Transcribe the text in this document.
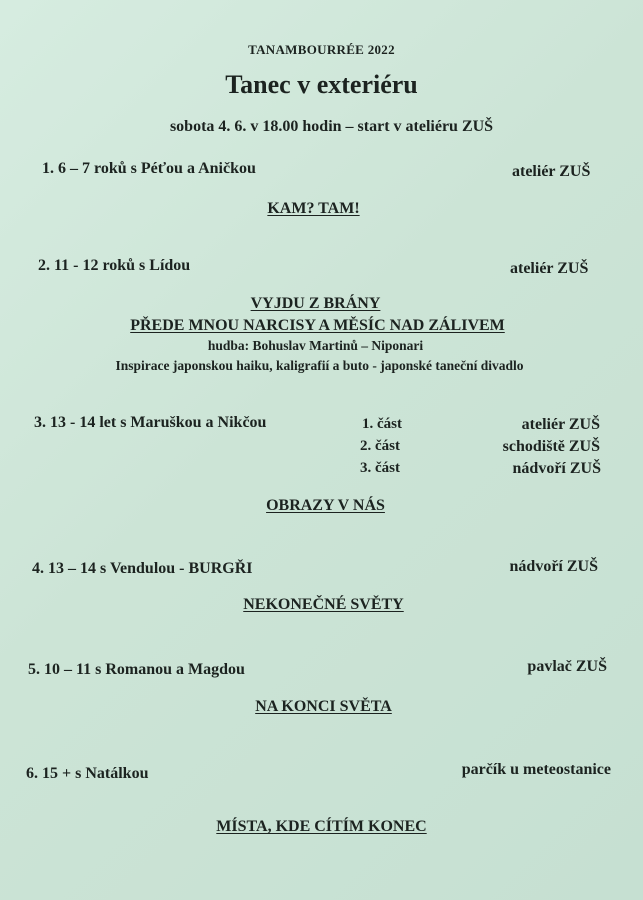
TANAMBOURRÉE 2022
Tanec v exteriéru
sobota 4. 6. v 18.00 hodin – start v ateliéru ZUŠ
1. 6 – 7 roků s Péťou a Aničkou	ateliér ZUŠ
KAM? TAM!
2. 11 - 12 roků s Lídou	ateliér ZUŠ
VYJDU Z BRÁNY
PŘEDE MNOU NARCISY A MĚSÍC NAD ZÁLIVEM
hudba: Bohuslav Martinů – Niponari
Inspirace japonskou haiku, kaligrafií a buto - japonské taneční divadlo
3. 13 - 14 let s Maruškou a Nikčou	1. část	ateliér ZUŠ
2. část	schodiště ZUŠ
3. část	nádvoří ZUŠ
OBRAZY V NÁS
4. 13 – 14 s Vendulou - BURGŘI	nádvoří ZUŠ
NEKONEČNÉ SVĚTY
5. 10 – 11 s Romanou a Magdou	pavlač ZUŠ
NA KONCI SVĚTA
6. 15 + s Natálkou	parčík u meteostanice
MÍSTA, KDE CÍTÍM KONEC
